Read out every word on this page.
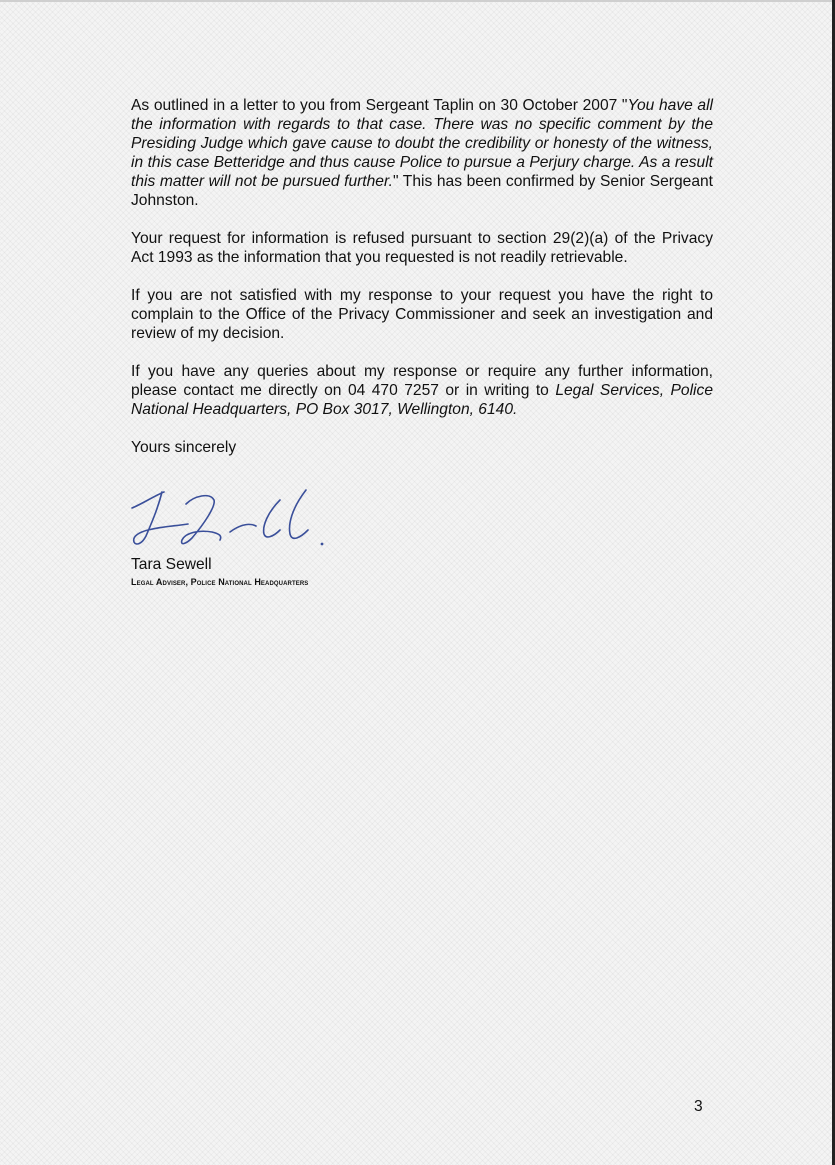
As outlined in a letter to you from Sergeant Taplin on 30 October 2007 "You have all the information with regards to that case. There was no specific comment by the Presiding Judge which gave cause to doubt the credibility or honesty of the witness, in this case Betteridge and thus cause Police to pursue a Perjury charge. As a result this matter will not be pursued further." This has been confirmed by Senior Sergeant Johnston.

Your request for information is refused pursuant to section 29(2)(a) of the Privacy Act 1993 as the information that you requested is not readily retrievable.

If you are not satisfied with my response to your request you have the right to complain to the Office of the Privacy Commissioner and seek an investigation and review of my decision.

If you have any queries about my response or require any further information, please contact me directly on 04 470 7257 or in writing to Legal Services, Police National Headquarters, PO Box 3017, Wellington, 6140.

Yours sincerely

Tara Sewell
Legal Adviser, Police National Headquarters
3
